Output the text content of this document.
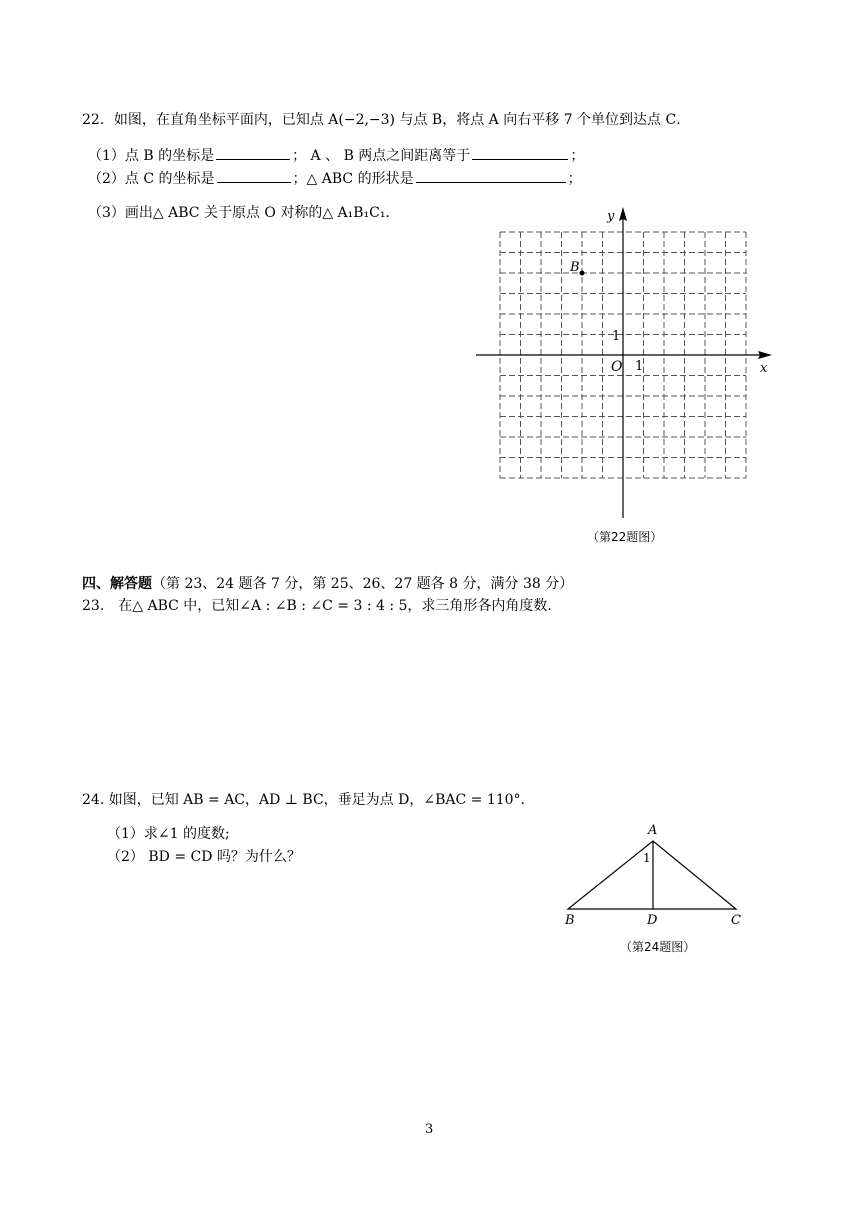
22．如图，在直角坐标平面内，已知点 A(−2,−3) 与点 B，将点 A 向右平移 7 个单位到达点 C．
（1）点 B 的坐标是	； A 、 B 两点之间距离等于	；
（2）点 C 的坐标是	；△ ABC 的形状是	；
（3）画出△ ABC 关于原点 O 对称的△ A₁B₁C₁．
x
y
O 1
1
B
（第22题图）
四、解答题（第 23、24 题各 7 分，第 25、26、27 题各 8 分，满分 38 分）
23.　在△ ABC 中，已知∠A : ∠B : ∠C = 3 : 4 : 5，求三角形各内角度数.
24. 如图，已知 AB = AC，AD ⊥ BC，垂足为点 D，∠BAC = 110°．
（1）求∠1 的度数;
（2） BD = CD 吗？为什么？
A
B	D	C
1
（第24题图）
3
